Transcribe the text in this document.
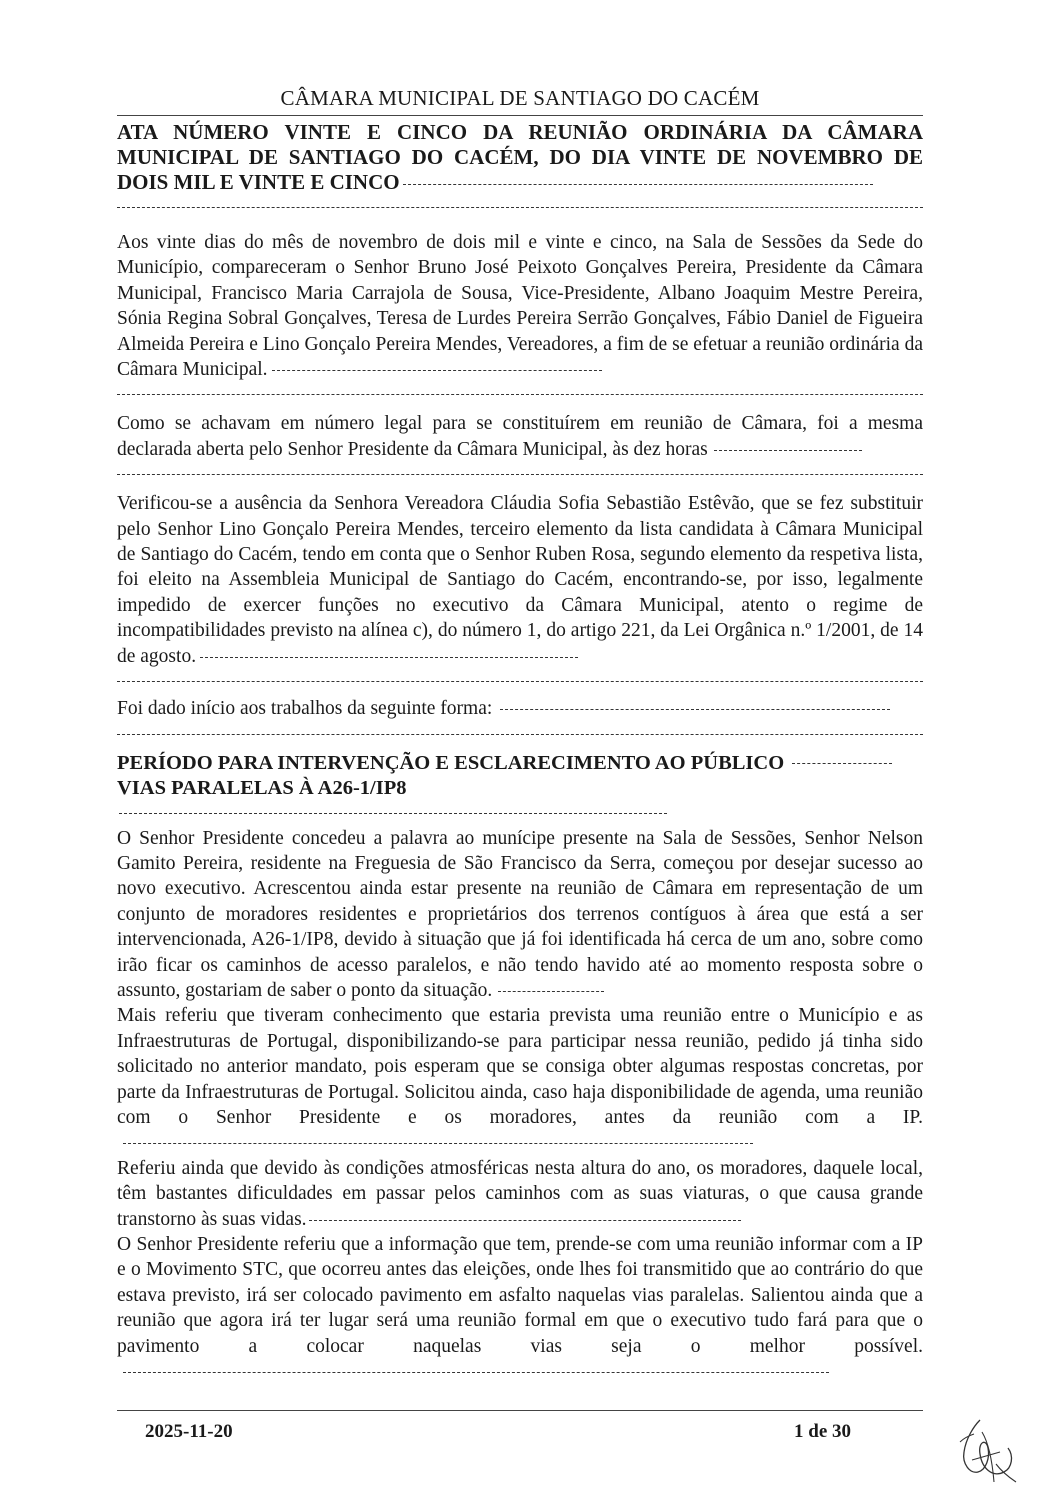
CÂMARA MUNICIPAL DE SANTIAGO DO CACÉM

ATA NÚMERO VINTE E CINCO DA REUNIÃO ORDINÁRIA DA CÂMARA MUNICIPAL DE SANTIAGO DO CACÉM, DO DIA VINTE DE NOVEMBRO DE DOIS MIL E VINTE E CINCO

Aos vinte dias do mês de novembro de dois mil e vinte e cinco, na Sala de Sessões da Sede do Município, compareceram o Senhor Bruno José Peixoto Gonçalves Pereira, Presidente da Câmara Municipal, Francisco Maria Carrajola de Sousa, Vice-Presidente, Albano Joaquim Mestre Pereira, Sónia Regina Sobral Gonçalves, Teresa de Lurdes Pereira Serrão Gonçalves, Fábio Daniel de Figueira Almeida Pereira e Lino Gonçalo Pereira Mendes, Vereadores, a fim de se efetuar a reunião ordinária da Câmara Municipal.

Como se achavam em número legal para se constituírem em reunião de Câmara, foi a mesma declarada aberta pelo Senhor Presidente da Câmara Municipal, às dez horas

Verificou-se a ausência da Senhora Vereadora Cláudia Sofia Sebastião Estêvão, que se fez substituir pelo Senhor Lino Gonçalo Pereira Mendes, terceiro elemento da lista candidata à Câmara Municipal de Santiago do Cacém, tendo em conta que o Senhor Ruben Rosa, segundo elemento da respetiva lista, foi eleito na Assembleia Municipal de Santiago do Cacém, encontrando-se, por isso, legalmente impedido de exercer funções no executivo da Câmara Municipal, atento o regime de incompatibilidades previsto na alínea c), do número 1, do artigo 221, da Lei Orgânica n.º 1/2001, de 14 de agosto.

Foi dado início aos trabalhos da seguinte forma:

PERÍODO PARA INTERVENÇÃO E ESCLARECIMENTO AO PÚBLICO
VIAS PARALELAS À A26-1/IP8

O Senhor Presidente concedeu a palavra ao munícipe presente na Sala de Sessões, Senhor Nelson Gamito Pereira, residente na Freguesia de São Francisco da Serra, começou por desejar sucesso ao novo executivo. Acrescentou ainda estar presente na reunião de Câmara em representação de um conjunto de moradores residentes e proprietários dos terrenos contíguos à área que está a ser intervencionada, A26-1/IP8, devido à situação que já foi identificada há cerca de um ano, sobre como irão ficar os caminhos de acesso paralelos, e não tendo havido até ao momento resposta sobre o assunto, gostariam de saber o ponto da situação.

Mais referiu que tiveram conhecimento que estaria prevista uma reunião entre o Município e as Infraestruturas de Portugal, disponibilizando-se para participar nessa reunião, pedido já tinha sido solicitado no anterior mandato, pois esperam que se consiga obter algumas respostas concretas, por parte da Infraestruturas de Portugal. Solicitou ainda, caso haja disponibilidade de agenda, uma reunião com o Senhor Presidente e os moradores, antes da reunião com a IP.

Referiu ainda que devido às condições atmosféricas nesta altura do ano, os moradores, daquele local, têm bastantes dificuldades em passar pelos caminhos com as suas viaturas, o que causa grande transtorno às suas vidas.

O Senhor Presidente referiu que a informação que tem, prende-se com uma reunião informar com a IP e o Movimento STC, que ocorreu antes das eleições, onde lhes foi transmitido que ao contrário do que estava previsto, irá ser colocado pavimento em asfalto naquelas vias paralelas. Salientou ainda que a reunião que agora irá ter lugar será uma reunião formal em que o executivo tudo fará para que o pavimento a colocar naquelas vias seja o melhor possível.

2025-11-20	1 de 30
